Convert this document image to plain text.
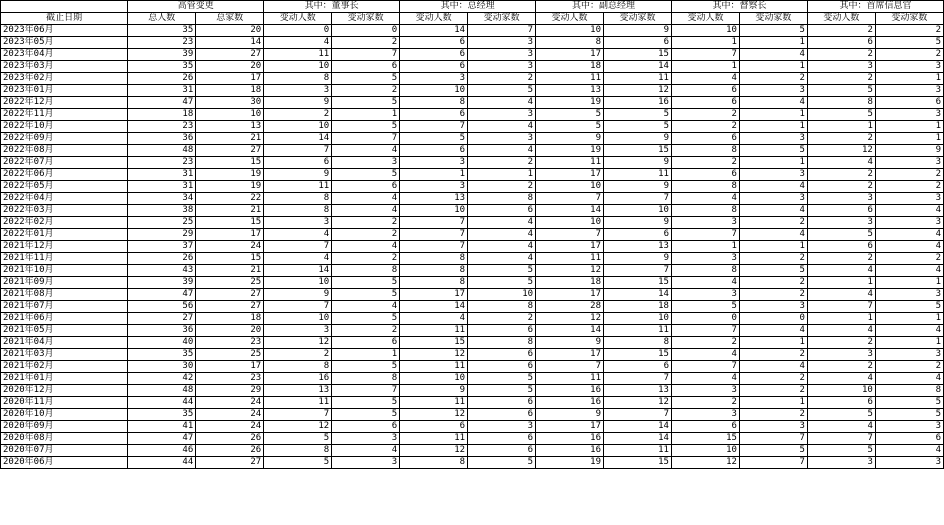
	高管变更		其中：董事长		其中：总经理		其中：副总经理		其中：督察长		其中：首席信息官	
截止日期	总人数	总家数	变动人数	变动家数	变动人数	变动家数	变动人数	变动家数	变动人数	变动家数	变动人数	变动家数
2023年06月	35	20	0	0	14	7	10	9	10	5	2	2
2023年05月	23	14	4	2	6	3	8	6	1	1	6	5
2023年04月	39	27	11	7	6	3	17	15	7	4	2	2
2023年03月	35	20	10	6	6	3	18	14	1	1	3	3
2023年02月	26	17	8	5	3	2	11	11	4	2	2	1
2023年01月	31	18	3	2	10	5	13	12	6	3	5	3
2022年12月	47	30	9	5	8	4	19	16	6	4	8	6
2022年11月	18	10	2	1	6	3	5	5	2	1	5	3
2022年10月	23	13	10	5	7	4	5	5	2	1	1	1
2022年09月	36	21	14	7	5	3	9	9	6	3	2	1
2022年08月	48	27	7	4	6	4	19	15	8	5	12	9
2022年07月	23	15	6	3	3	2	11	9	2	1	4	3
2022年06月	31	19	9	5	1	1	17	11	6	3	2	2
2022年05月	31	19	11	6	3	2	10	9	8	4	2	2
2022年04月	34	22	8	4	13	8	7	7	4	3	3	3
2022年03月	38	21	8	4	10	6	14	10	8	4	6	4
2022年02月	25	15	3	2	7	4	10	9	3	2	3	3
2022年01月	29	17	4	2	7	4	7	6	7	4	5	4
2021年12月	37	24	7	4	7	4	17	13	1	1	6	4
2021年11月	26	15	4	2	8	4	11	9	3	2	2	2
2021年10月	43	21	14	8	8	5	12	7	8	5	4	4
2021年09月	39	25	10	5	8	5	18	15	4	2	1	1
2021年08月	47	27	9	5	17	10	17	14	3	2	4	3
2021年07月	56	27	7	4	14	8	28	18	5	3	7	5
2021年06月	27	18	10	5	4	2	12	10	0	0	1	1
2021年05月	36	20	3	2	11	6	14	11	7	4	4	4
2021年04月	40	23	12	6	15	8	9	8	2	1	2	1
2021年03月	35	25	2	1	12	6	17	15	4	2	3	3
2021年02月	30	17	8	5	11	6	7	6	7	4	2	2
2021年01月	42	23	16	8	10	5	11	7	4	2	4	4
2020年12月	48	29	13	7	9	5	16	13	3	2	10	8
2020年11月	44	24	11	5	11	6	16	12	2	1	6	5
2020年10月	35	24	7	5	12	6	9	7	3	2	5	5
2020年09月	41	24	12	6	6	3	17	14	6	3	4	3
2020年08月	47	26	5	3	11	6	16	14	15	7	7	6
2020年07月	46	26	8	4	12	6	16	11	10	5	5	4
2020年06月	44	27	5	3	8	5	19	15	12	7	3	3
